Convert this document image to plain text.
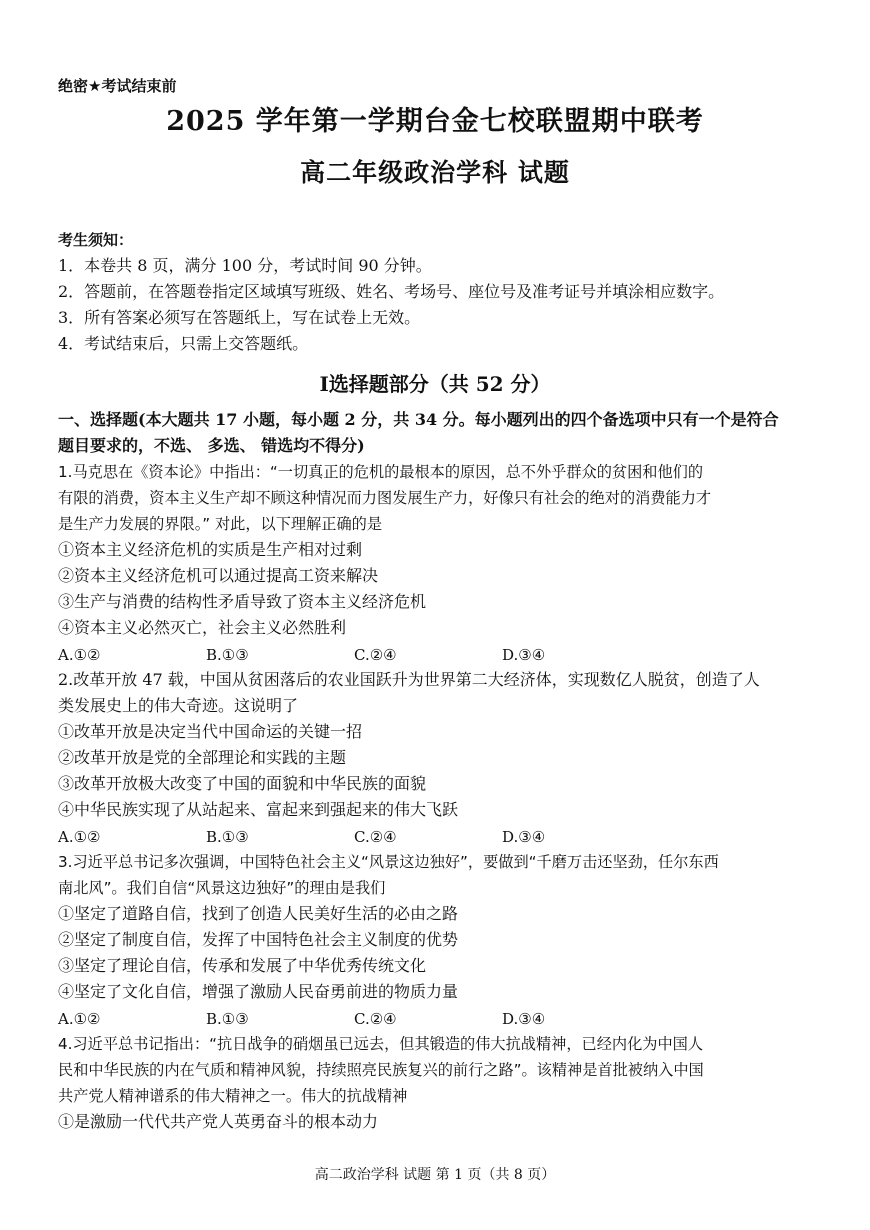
绝密★考试结束前
2025 学年第一学期台金七校联盟期中联考
高二年级政治学科 试题
考生须知：
1．本卷共 8 页，满分 100 分，考试时间 90 分钟。
2．答题前，在答题卷指定区域填写班级、姓名、考场号、座位号及准考证号并填涂相应数字。
3．所有答案必须写在答题纸上，写在试卷上无效。
4．考试结束后，只需上交答题纸。
Ⅰ选择题部分（共 52 分）
一、选择题(本大题共 17 小题，每小题 2 分，共 34 分。每小题列出的四个备选项中只有一个是符合
题目要求的，不选、 多选、 错选均不得分)
1.马克思在《资本论》中指出：“一切真正的危机的最根本的原因，总不外乎群众的贫困和他们的
有限的消费，资本主义生产却不顾这种情况而力图发展生产力，好像只有社会的绝对的消费能力才
是生产力发展的界限。” 对此，以下理解正确的是
①资本主义经济危机的实质是生产相对过剩
②资本主义经济危机可以通过提高工资来解决
③生产与消费的结构性矛盾导致了资本主义经济危机
④资本主义必然灭亡，社会主义必然胜利
A.①②	B.①③	C.②④	D.③④
2.改革开放 47 载，中国从贫困落后的农业国跃升为世界第二大经济体，实现数亿人脱贫，创造了人
类发展史上的伟大奇迹。这说明了
①改革开放是决定当代中国命运的关键一招
②改革开放是党的全部理论和实践的主题
③改革开放极大改变了中国的面貌和中华民族的面貌
④中华民族实现了从站起来、富起来到强起来的伟大飞跃
A.①②	B.①③	C.②④	D.③④
3.习近平总书记多次强调，中国特色社会主义“风景这边独好”，要做到“千磨万击还坚劲，任尔东西
南北风”。我们自信“风景这边独好”的理由是我们
①坚定了道路自信，找到了创造人民美好生活的必由之路
②坚定了制度自信，发挥了中国特色社会主义制度的优势
③坚定了理论自信，传承和发展了中华优秀传统文化
④坚定了文化自信，增强了激励人民奋勇前进的物质力量
A.①②	B.①③	C.②④	D.③④
4.习近平总书记指出：“抗日战争的硝烟虽已远去，但其锻造的伟大抗战精神，已经内化为中国人
民和中华民族的内在气质和精神风貌，持续照亮民族复兴的前行之路”。该精神是首批被纳入中国
共产党人精神谱系的伟大精神之一。伟大的抗战精神
①是激励一代代共产党人英勇奋斗的根本动力
高二政治学科 试题 第 1 页（共 8 页）
